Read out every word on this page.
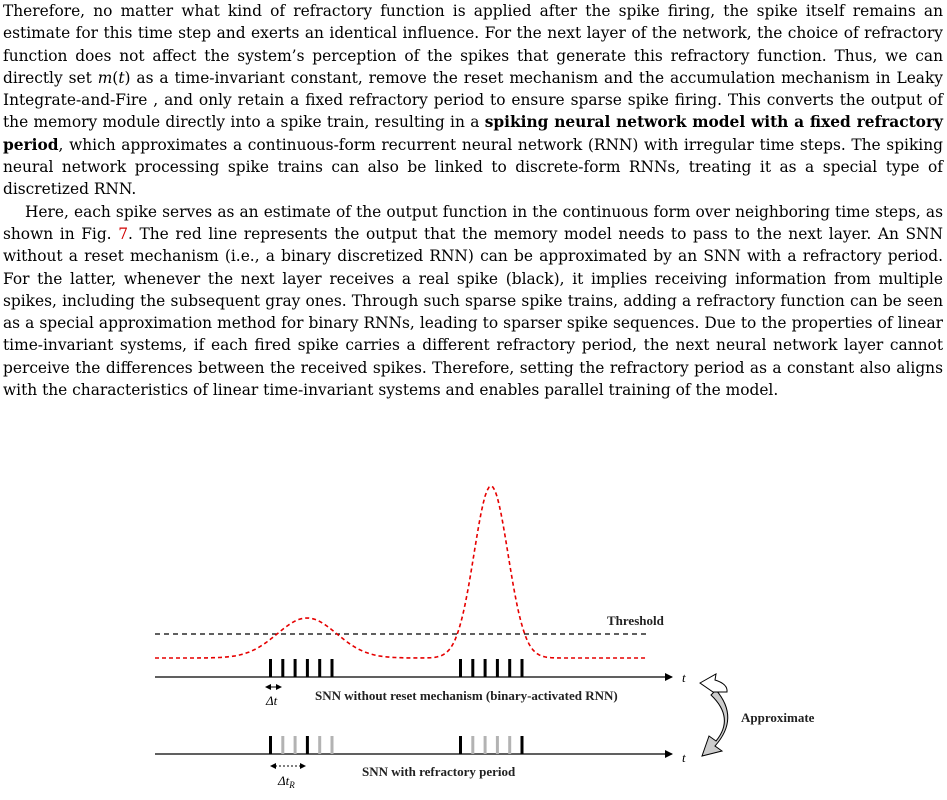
Therefore, no matter what kind of refractory function is applied after the spike firing, the spike itself remains an estimate for this time step and exerts an identical influence. For the next layer of the network, the choice of refractory function does not affect the system’s perception of the spikes that generate this refractory function. Thus, we can directly set m(t) as a time-invariant constant, remove the reset mechanism and the accumulation mechanism in Leaky Integrate-and-Fire , and only retain a fixed refractory period to ensure sparse spike firing. This converts the output of the memory module directly into a spike train, resulting in a spiking neural network model with a fixed refractory period, which approximates a continuous-form recurrent neural network (RNN) with irregular time steps. The spiking neural network processing spike trains can also be linked to discrete-form RNNs, treating it as a special type of discretized RNN.

Here, each spike serves as an estimate of the output function in the continuous form over neighboring time steps, as shown in Fig. 7. The red line represents the output that the memory model needs to pass to the next layer. An SNN without a reset mechanism (i.e., a binary discretized RNN) can be approximated by an SNN with a refractory period. For the latter, whenever the next layer receives a real spike (black), it implies receiving information from multiple spikes, including the subsequent gray ones. Through such sparse spike trains, adding a refractory function can be seen as a special approximation method for binary RNNs, leading to sparser spike sequences. Due to the properties of linear time-invariant systems, if each fired spike carries a different refractory period, the next neural network layer cannot perceive the differences between the received spikes. Therefore, setting the refractory period as a constant also aligns with the characteristics of linear time-invariant systems and enables parallel training of the model.

Threshold
t
t
Δt	SNN without reset mechanism (binary-activated RNN)
$\Delta t_R$
SNN with refractory period
Approximate
